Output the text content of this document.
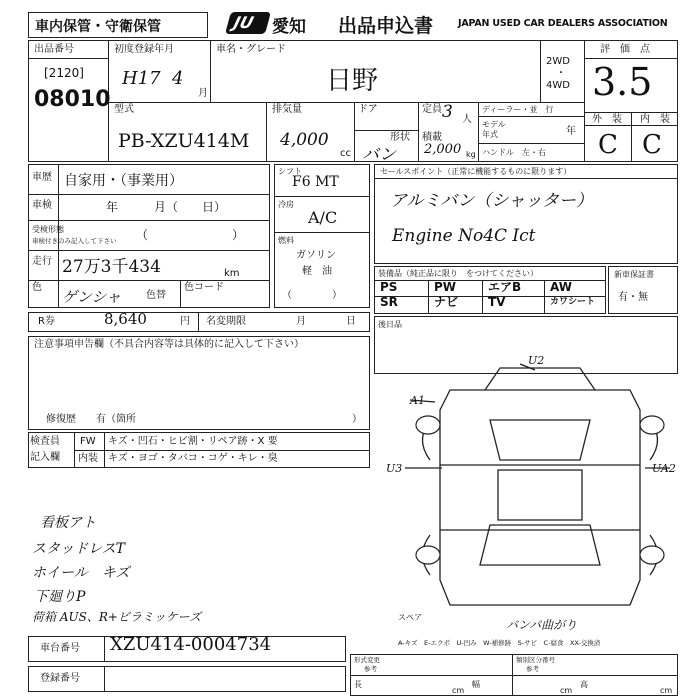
車内保管・守衛保管	JU 愛知 出品申込書	JAPAN USED CAR DEALERS ASSOCIATION
出品番号
[2120]
08010
初度登録年月
H17 4
月
車名・グレード
日野
2WD
・
4WD
評　価　点
3.5
外　装 内　装
C C
型式
PB-XZU414M
排気量
4,000
cc
ドア
形状
バン
定員 3 人
積載
2,000 kg
ディーラー・並　行
モデル
年式	年
ハンドル　左・右
車歴 自家用・（事業用）
車検	年　　　月（　　日）
受検形態
車検付きのみ記入して下さい （　　　　　　　）
走行 27万3千434	km
色
ゲンシャ 色替
色コード
シフト
F6 MT
冷房
A/C
燃料
ガソリン
軽　油
（　　　　）
セールスポイント（正常に機能するものに限ります）
アルミバン（シャッター）
Engine No4C Ict
装備品（純正品に限り　をつけてください）
PS	PW	エアB AW
SR	ナビ TV	カワシート
新車保証書
有・無
R券	8,640	円 名変期限	月	日	後日品
注意事項申告欄（不具合内容等は具体的に記入して下さい）
修復歴　　有（箇所	）
検査員
記入欄
FW キズ・凹石・ヒビ割・リペア跡・X 要
内装 キズ・ヨゴ・タバコ・コゲ・キレ・臭
看板アト
スタッドレスT
ホイール　キズ
下廻りP
荷箱 AUS、R+ビラミッケーズ
U2
A1
U3	UA2
スペア
バンパ曲がり
A-キズ　E-エクボ　U-凹み　W-補修跡　S-サビ　C-腐食　XX-交換済
車台番号 XZU414-0004734
登録番号
形式変更
参考
類別区分番号
参考
長
cm
幅
cm
高
cm
